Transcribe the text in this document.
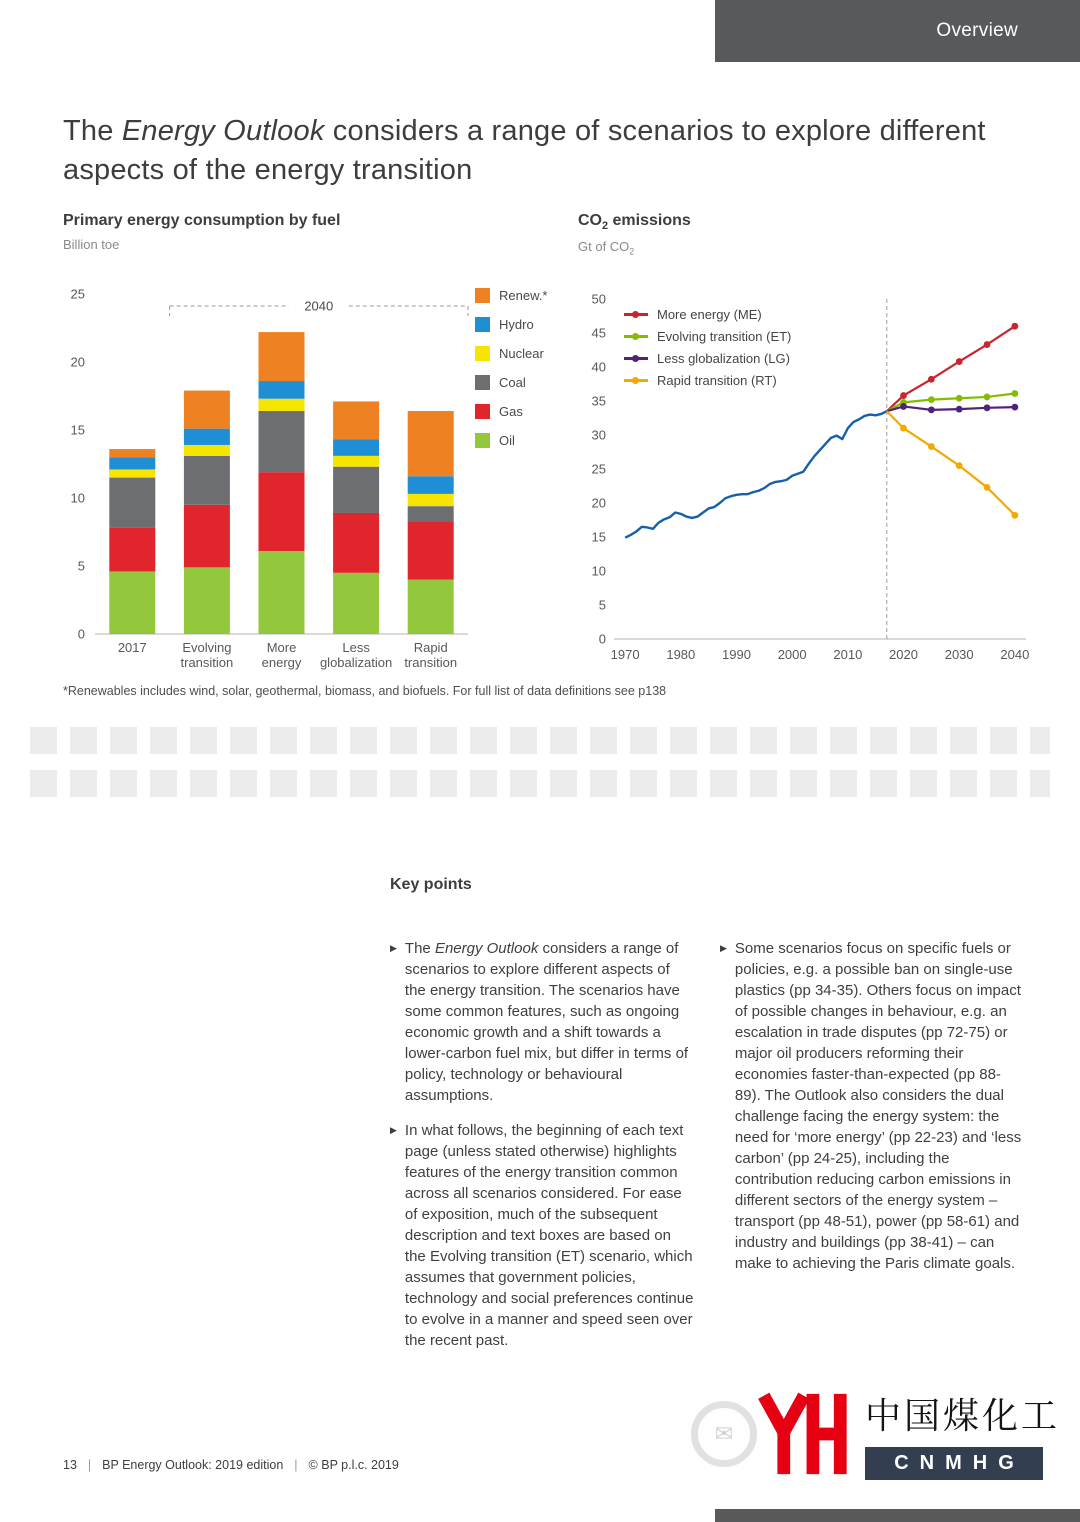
Overview
The Energy Outlook considers a range of scenarios to explore different aspects of the energy transition
Primary energy consumption by fuel
Billion toe
0
5
10
15
20
25
2040
2017	Evolving transition
More energy
Less globalization
Rapid transition
Renew.*
Hydro
Nuclear
Coal
Gas
Oil
$CO_2$ emissions
Gt of $CO_2$
0
5
10
15
20
25
30
35
40
45
50
1970 1980 1990 2000 2010 2020 2030 2040
More energy (ME)
Evolving transition (ET)
Less globalization (LG)
Rapid transition (RT)
*Renewables includes wind, solar, geothermal, biomass, and biofuels. For full list of data definitions see p138
Key points
▶ The Energy Outlook considers a range of scenarios to explore different aspects of the energy transition. The scenarios have some common features, such as ongoing economic growth and a shift towards a lower-carbon fuel mix, but differ in terms of policy, technology or behavioural assumptions.
▶ In what follows, the beginning of each text page (unless stated otherwise) highlights features of the energy transition common across all scenarios considered. For ease of exposition, much of the subsequent description and text boxes are based on the Evolving transition (ET) scenario, which assumes that government policies, technology and social preferences continue to evolve in a manner and speed seen over the recent past.
▶ Some scenarios focus on specific fuels or policies, e.g. a possible ban on single-use plastics (pp 34-35). Others focus on impact of possible changes in behaviour, e.g. an escalation in trade disputes (pp 72-75) or major oil producers reforming their economies faster-than-expected (pp 88-89). The Outlook also considers the dual challenge facing the energy system: the need for ‘more energy’ (pp 22-23) and ‘less carbon’ (pp 24-25), including the contribution reducing carbon emissions in different sectors of the energy system – transport (pp 48-51), power (pp 58-61) and industry and buildings (pp 38-41) – can make to achieving the Paris climate goals.
13 | BP Energy Outlook: 2019 edition | © BP p.l.c. 2019
✉	中国煤化工
CNMHG
